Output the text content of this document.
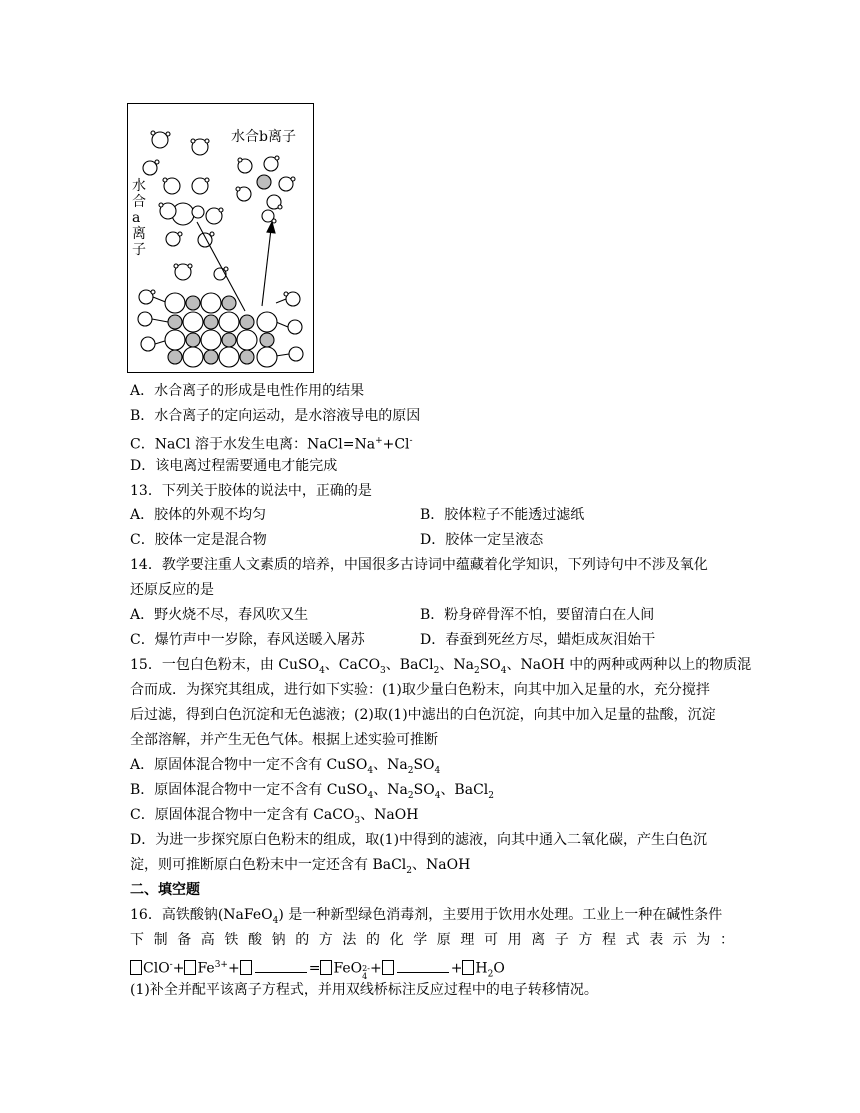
水合b离子
水合a离子
A．水合离子的形成是电性作用的结果
B．水合离子的定向运动，是水溶液导电的原因
C．NaCl 溶于水发生电离：NaCl=Na++Cl-
D．该电离过程需要通电才能完成
13．下列关于胶体的说法中，正确的是
A．胶体的外观不均匀	B．胶体粒子不能透过滤纸
C．胶体一定是混合物	D．胶体一定呈液态
14．教学要注重人文素质的培养，中国很多古诗词中蕴藏着化学知识，下列诗句中不涉及氧化
还原反应的是
A．野火烧不尽，春风吹又生	B．粉身碎骨浑不怕，要留清白在人间
C．爆竹声中一岁除，春风送暖入屠苏	D．春蚕到死丝方尽，蜡炬成灰泪始干
15．一包白色粉末，由 CuSO$_4$、CaCO$_3$、BaCl$_2$、$Na_2SO_4$、NaOH 中的两种或两种以上的物质混
合而成．为探究其组成，进行如下实验：(1)取少量白色粉末，向其中加入足量的水，充分搅拌
后过滤，得到白色沉淀和无色滤液；(2)取(1)中滤出的白色沉淀，向其中加入足量的盐酸，沉淀
全部溶解，并产生无色气体。根据上述实验可推断
A．原固体混合物中一定不含有 CuSO$_4$、$Na_2SO_4$
B．原固体混合物中一定不含有 CuSO$_4$、$Na_2SO_4$、BaCl$_2$
C．原固体混合物中一定含有 CaCO$_3$、NaOH
D．为进一步探究原白色粉末的组成，取(1)中得到的滤液，向其中通入二氧化碳，产生白色沉
淀，则可推断原白色粉末中一定还含有 BaCl$_2$、NaOH
二、填空题
16．高铁酸钠(NaFeO$_4$) 是一种新型绿色消毒剂，主要用于饮用水处理。工业上一种在碱性条件
下 制 备 高 铁 酸 钠 的 方 法 的 化 学 原 理 可 用 离 子 方 程 式 表 示 为 ：
$ClO^-+ Fe^{3+}+$	= FeO2-
4 +	+ $H_2O$
(1)补全并配平该离子方程式，并用双线桥标注反应过程中的电子转移情况。
